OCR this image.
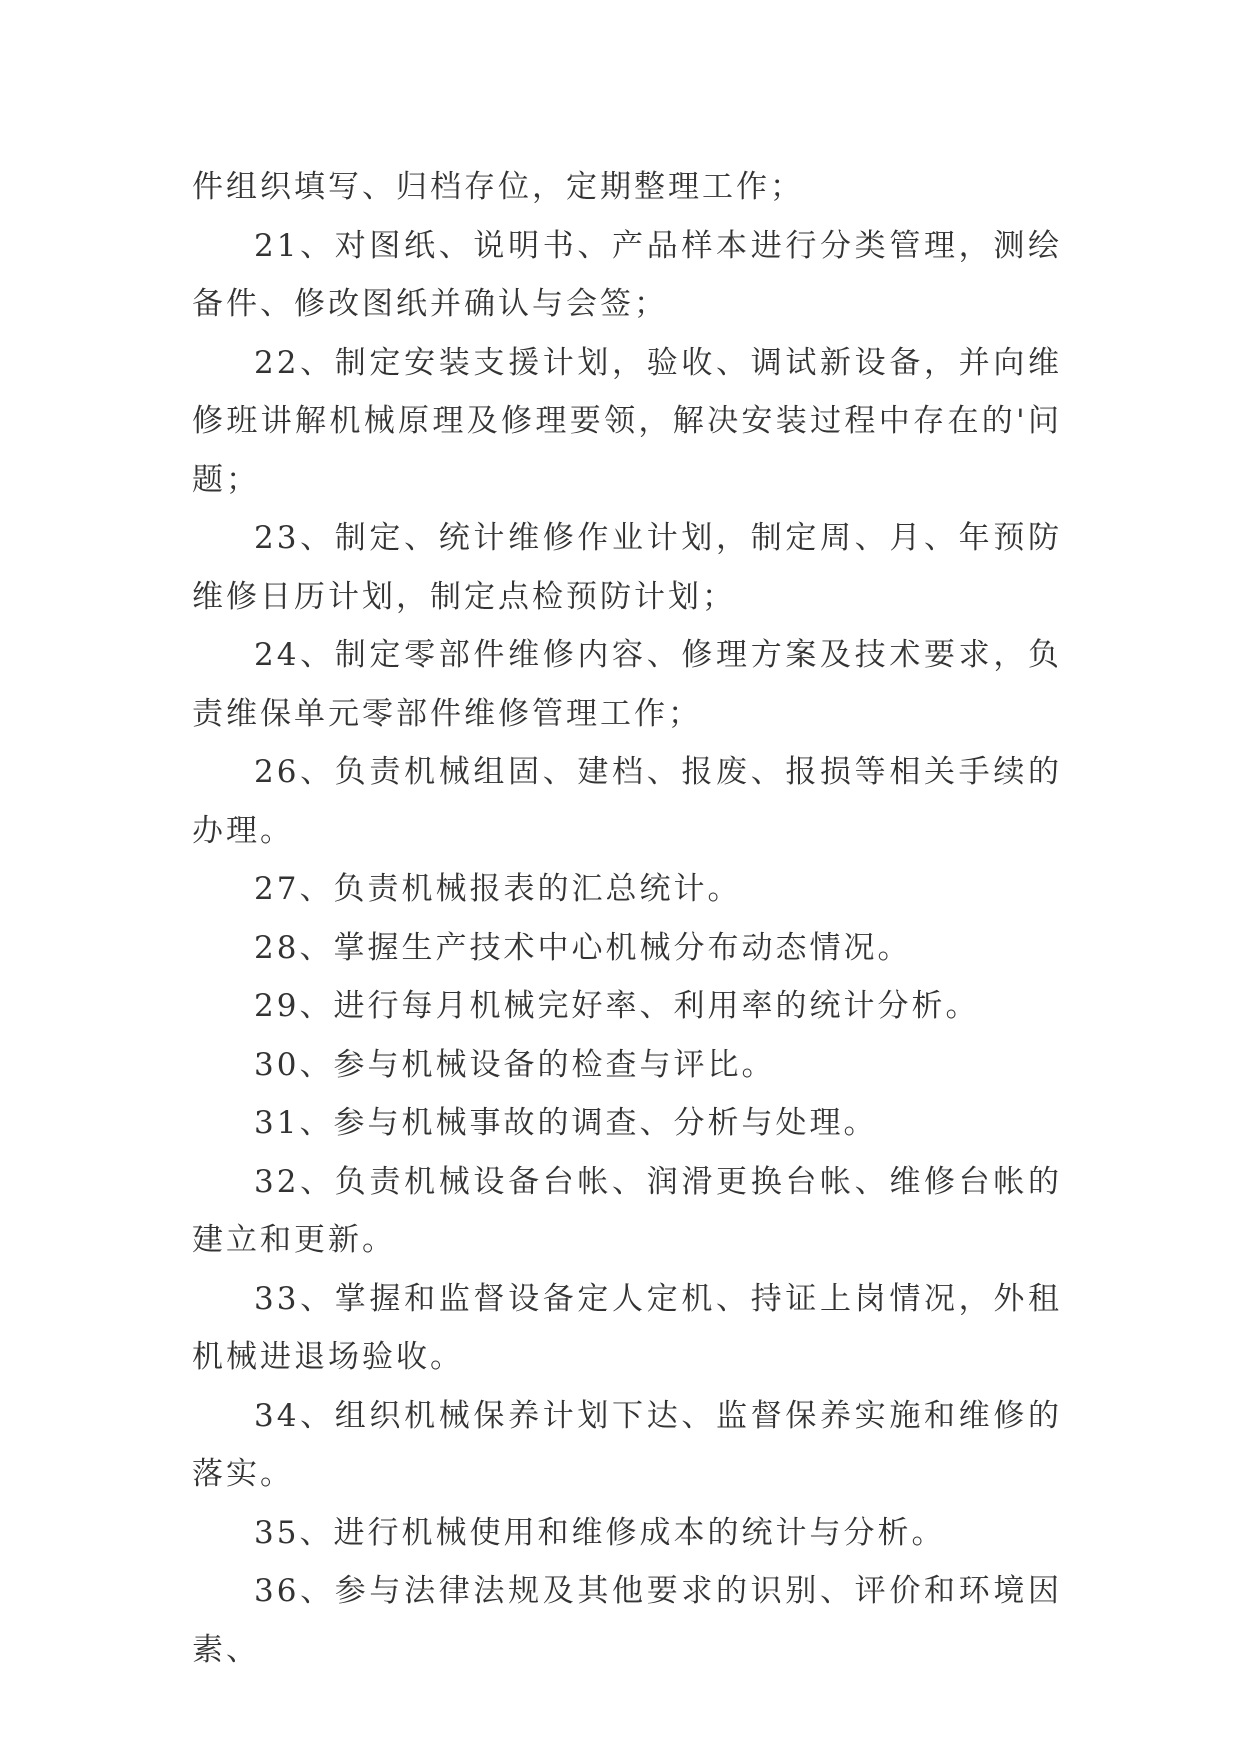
件组织填写、归档存位，定期整理工作；

21、对图纸、说明书、产品样本进行分类管理，测绘备件、修改图纸并确认与会签；

22、制定安装支援计划，验收、调试新设备，并向维修班讲解机械原理及修理要领，解决安装过程中存在的'问题；

23、制定、统计维修作业计划，制定周、月、年预防维修日历计划，制定点检预防计划；

24、制定零部件维修内容、修理方案及技术要求，负责维保单元零部件维修管理工作；

26、负责机械组固、建档、报废、报损等相关手续的办理。

27、负责机械报表的汇总统计。

28、掌握生产技术中心机械分布动态情况。

29、进行每月机械完好率、利用率的统计分析。

30、参与机械设备的检查与评比。

31、参与机械事故的调查、分析与处理。

32、负责机械设备台帐、润滑更换台帐、维修台帐的建立和更新。

33、掌握和监督设备定人定机、持证上岗情况，外租机械进退场验收。

34、组织机械保养计划下达、监督保养实施和维修的落实。

35、进行机械使用和维修成本的统计与分析。

36、参与法律法规及其他要求的识别、评价和环境因素、
